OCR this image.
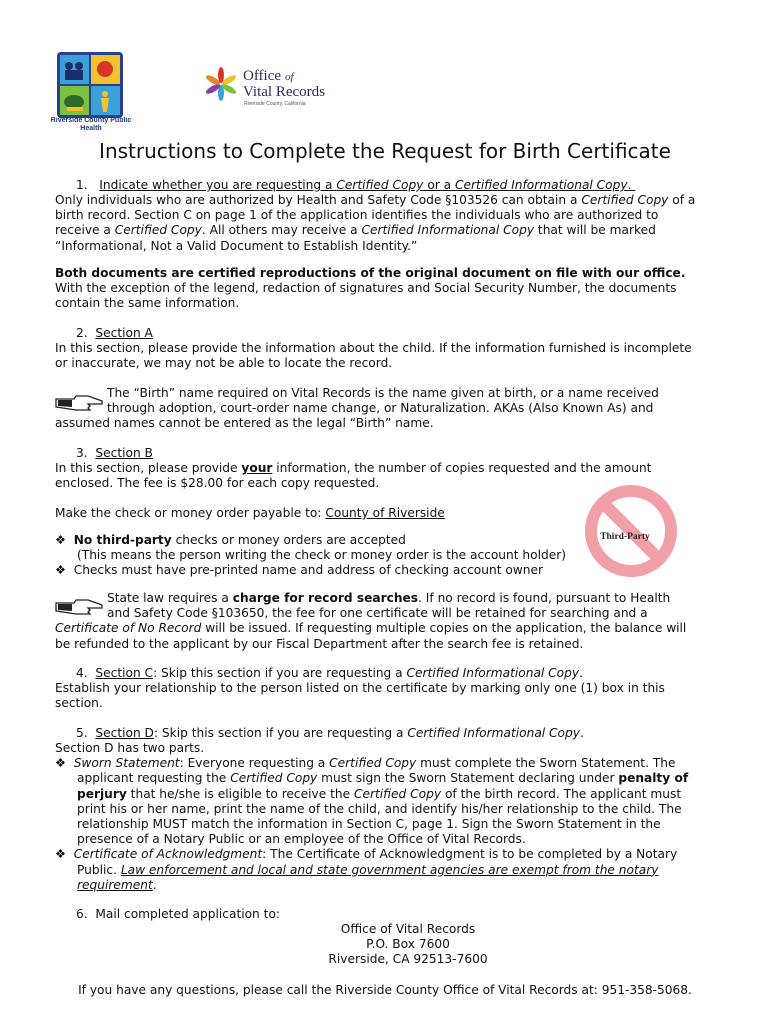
Riverside County Public Health
Office of
Vital Records
Riverside County, California
Instructions to Complete the Request for Birth Certificate
1. Indicate whether you are requesting a Certified Copy or a Certified Informational Copy.
Only individuals who are authorized by Health and Safety Code §103526 can obtain a Certified Copy of a
birth record. Section C on page 1 of the application identifies the individuals who are authorized to
receive a Certified Copy. All others may receive a Certified Informational Copy that will be marked
“Informational, Not a Valid Document to Establish Identity.”
Both documents are certified reproductions of the original document on file with our office.
With the exception of the legend, redaction of signatures and Social Security Number, the documents
contain the same information.
2. Section A
In this section, please provide the information about the child. If the information furnished is incomplete
or inaccurate, we may not be able to locate the record.
The “Birth” name required on Vital Records is the name given at birth, or a name received
through adoption, court-order name change, or Naturalization. AKAs (Also Known As) and
assumed names cannot be entered as the legal “Birth” name.
3. Section B
In this section, please provide your information, the number of copies requested and the amount
enclosed. The fee is $28.00 for each copy requested.
Make the check or money order payable to: County of Riverside
Third-Party
❖ No third-party checks or money orders are accepted
(This means the person writing the check or money order is the account holder)
❖ Checks must have pre-printed name and address of checking account owner
State law requires a charge for record searches. If no record is found, pursuant to Health
and Safety Code §103650, the fee for one certificate will be retained for searching and a
Certificate of No Record will be issued. If requesting multiple copies on the application, the balance will
be refunded to the applicant by our Fiscal Department after the search fee is retained.
4. Section C: Skip this section if you are requesting a Certified Informational Copy.
Establish your relationship to the person listed on the certificate by marking only one (1) box in this
section.
5. Section D: Skip this section if you are requesting a Certified Informational Copy.
Section D has two parts.
❖ Sworn Statement: Everyone requesting a Certified Copy must complete the Sworn Statement. The
applicant requesting the Certified Copy must sign the Sworn Statement declaring under penalty of
perjury that he/she is eligible to receive the Certified Copy of the birth record. The applicant must
print his or her name, print the name of the child, and identify his/her relationship to the child. The
relationship MUST match the information in Section C, page 1. Sign the Sworn Statement in the
presence of a Notary Public or an employee of the Office of Vital Records.
❖ Certificate of Acknowledgment: The Certificate of Acknowledgment is to be completed by a Notary
Public. Law enforcement and local and state government agencies are exempt from the notary
requirement.
6. Mail completed application to:
Office of Vital Records
P.O. Box 7600
Riverside, CA 92513-7600
If you have any questions, please call the Riverside County Office of Vital Records at: 951-358-5068.
